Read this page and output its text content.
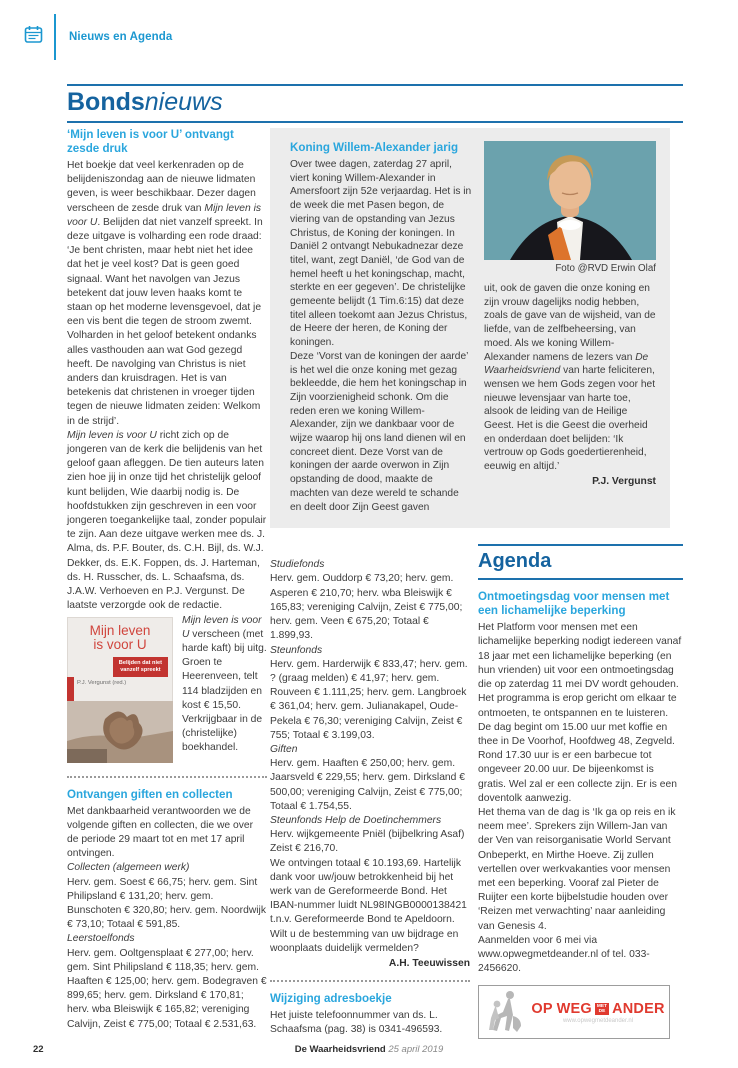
Nieuws en Agenda
Bondsnieuws
‘Mijn leven is voor U’ ontvangt zesde druk

Het boekje dat veel kerkenraden op de belijdeniszondag aan de nieuwe lidmaten geven, is weer beschikbaar. Dezer dagen verscheen de zesde druk van Mijn leven is voor U. Belijden dat niet vanzelf spreekt. In deze uitgave is volharding een rode draad: ‘Je bent christen, maar hebt niet het idee dat het je veel kost? Dat is geen goed signaal. Want het navolgen van Jezus betekent dat jouw leven haaks komt te staan op het moderne levensgevoel, dat je een vis bent die tegen de stroom zwemt. Volharden in het geloof betekent ondanks alles vasthouden aan wat God gezegd heeft. De navolging van Christus is niet anders dan kruisdragen. Het is van betekenis dat christenen in vroeger tijden tegen de nieuwe lidmaten zeiden: Welkom in de strijd’.

Mijn leven is voor U richt zich op de jongeren van de kerk die belijdenis van het geloof gaan afleggen. De tien auteurs laten zien hoe jij in onze tijd het christelijk geloof kunt belijden, Wie daarbij nodig is. De hoofdstukken zijn geschreven in een voor jongeren toegankelijke taal, zonder populair te zijn. Aan deze uitgave werken mee ds. J. Alma, ds. P.F. Bouter, ds. C.H. Bijl, ds. W.J. Dekker, ds. E.K. Foppen, ds. J. Harteman, ds. H. Russcher, ds. L. Schaafsma, ds. J.A.W. Verhoeven en P.J. Vergunst. De laatste verzorgde ook de redactie.

Mijn leven
is voor U
Belijden dat niet
vanzelf spreekt
P.J. Vergunst (red.)

Mijn leven is voor U verscheen (met harde kaft) bij uitg. Groen te Heerenveen, telt 114 bladzijden en kost € 15,50. Verkrijgbaar in de (christelijke) boekhandel.

Ontvangen giften en collecten

Met dankbaarheid verantwoorden we de volgende giften en collecten, die we over de periode 29 maart tot en met 17 april ontvingen.

Collecten (algemeen werk)
Herv. gem. Soest € 66,75; herv. gem. Sint Philipsland € 131,20; herv. gem. Bunschoten € 320,80; herv. gem. Noordwijk € 73,10; Totaal € 591,85.
Leerstoelfonds
Herv. gem. Ooltgensplaat € 277,00; herv. gem. Sint Philipsland € 118,35; herv. gem. Haaften € 125,00; herv. gem. Bodegraven € 899,65; herv. gem. Dirksland € 170,81; herv. wba Bleiswijk € 165,82; vereniging Calvijn, Zeist € 775,00; Totaal € 2.531,63.
Koning Willem-Alexander jarig

Over twee dagen, zaterdag 27 april, viert koning Willem-Alexander in Amersfoort zijn 52e verjaardag. Het is in de week die met Pasen begon, de viering van de opstanding van Jezus Christus, de Koning der koningen. In Daniël 2 ontvangt Nebukadnezar deze titel, want, zegt Daniël, ‘de God van de hemel heeft u het koningschap, macht, sterkte en eer gegeven’. De christelijke gemeente belijdt (1 Tim.6:15) dat deze titel alleen toekomt aan Jezus Christus, de Heere der heren, de Koning der koningen.

Deze ‘Vorst van de koningen der aarde’ is het wel die onze koning met gezag bekleedde, die hem het koningschap in Zijn voorzienigheid schonk. Om die reden eren we koning Willem-Alexander, zijn we dankbaar voor de wijze waarop hij ons land dienen wil en concreet dient. Deze Vorst van de koningen der aarde overwon in Zijn opstanding de dood, maakte de machten van deze wereld te schande en deelt door Zijn Geest gaven

Foto @RVD Erwin Olaf

uit, ook de gaven die onze koning en zijn vrouw dagelijks nodig hebben, zoals de gave van de wijsheid, van de liefde, van de zelfbeheersing, van moed. Als we koning Willem-Alexander namens de lezers van De Waarheidsvriend van harte feliciteren, wensen we hem Gods zegen voor het nieuwe levensjaar van harte toe, alsook de leiding van de Heilige Geest. Het is die Geest die overheid en onderdaan doet belijden: ‘Ik vertrouw op Gods goedertierenheid, eeuwig en altijd.’

P.J. Vergunst
Studiefonds
Herv. gem. Ouddorp € 73,20; herv. gem. Asperen € 210,70; herv. wba Bleiswijk € 165,83; vereniging Calvijn, Zeist € 775,00; herv. gem. Veen € 675,20; Totaal € 1.899,93.
Steunfonds
Herv. gem. Harderwijk € 833,47; herv. gem. ? (graag melden) € 41,97; herv. gem. Rouveen € 1.111,25; herv. gem. Langbroek € 361,04; herv. gem. Julianakapel, Oude-Pekela € 76,30; vereniging Calvijn, Zeist € 755; Totaal € 3.199,03.
Giften
Herv. gem. Haaften € 250,00; herv. gem. Jaarsveld € 229,55; herv. gem. Dirksland € 500,00; vereniging Calvijn, Zeist € 775,00; Totaal € 1.754,55.
Steunfonds Help de Doetinchemmers
Herv. wijkgemeente Pniël (bijbelkring Asaf) Zeist € 216,70.

We ontvingen totaal € 10.193,69. Hartelijk dank voor uw/jouw betrokkenheid bij het werk van de Gereformeerde Bond. Het IBAN-nummer luidt NL98INGB0000138421 t.n.v. Gereformeerde Bond te Apeldoorn. Wilt u de bestemming van uw bijdrage en woonplaats duidelijk vermelden?

A.H. Teeuwissen
Wijziging adresboekje

Het juiste telefoonnummer van ds. L. Schaafsma (pag. 38) is 0341-496593.

Agenda
Ontmoetingsdag voor mensen met een lichamelijke beperking

Het Platform voor mensen met een lichamelijke beperking nodigt iedereen vanaf 18 jaar met een lichamelijke beperking (en hun vrienden) uit voor een ontmoetingsdag die op zaterdag 11 mei DV wordt gehouden. Het programma is erop gericht om elkaar te ontmoeten, te ontspannen en te luisteren. De dag begint om 15.00 uur met koffie en thee in De Voorhof, Hoofdweg 48, Zegveld. Rond 17.30 uur is er een barbecue tot ongeveer 20.00 uur. De bijeenkomst is gratis. Wel zal er een collecte zijn. Er is een doventolk aanwezig.

Het thema van de dag is ‘Ik ga op reis en ik neem mee’. Sprekers zijn Willem-Jan van der Ven van reisorganisatie World Servant Onbeperkt, en Mirthe Hoeve. Zij zullen vertellen over werkvakanties voor mensen met een beperking. Vooraf zal Pieter de Ruijter een korte bijbelstudie houden over ‘Reizen met verwachting’ naar aanleiding van Genesis 4.

Aanmelden voor 6 mei via www.opwegmetdeander.nl of tel. 033-2456620.

OP WEG MET
DE ANDER
www.opwegmetdeander.nl
22	De Waarheidsvriend 25 april 2019
